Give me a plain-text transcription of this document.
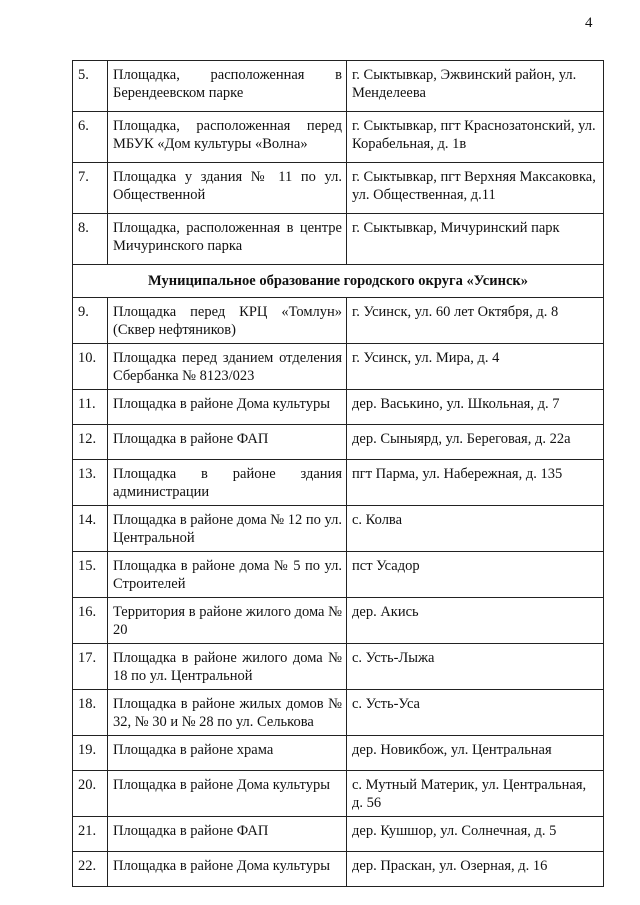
4
5.	Площадка, расположенная в Берендеевском парке	г. Сыктывкар, Эжвинский район, ул. Менделеева
6.	Площадка, расположенная перед МБУК «Дом культуры «Волна»	г. Сыктывкар, пгт Краснозатонский, ул. Корабельная, д. 1в
7.	Площадка у здания № 11 по ул. Общественной	г. Сыктывкар, пгт Верхняя Максаковка, ул. Общественная, д.11
8.	Площадка, расположенная в центре Мичуринского парка	г. Сыктывкар, Мичуринский парк
Муниципальное образование городского округа «Усинск»		
9.	Площадка перед КРЦ «Томлун» (Сквер нефтяников)	г. Усинск, ул. 60 лет Октября, д. 8
10.	Площадка перед зданием отделения Сбербанка № 8123/023	г. Усинск, ул. Мира, д. 4
11.	Площадка в районе Дома культуры	дер. Васькино, ул. Школьная, д. 7
12.	Площадка в районе ФАП	дер. Сыныярд, ул. Береговая, д. 22а
13.	Площадка в районе здания администрации	пгт Парма, ул. Набережная, д. 135
14.	Площадка в районе дома № 12 по ул. Центральной	с. Колва
15.	Площадка в районе дома № 5 по ул. Строителей	пст Усадор
16.	Территория в районе жилого дома № 20	дер. Акись
17.	Площадка в районе жилого дома № 18 по ул. Центральной	с. Усть-Лыжа
18.	Площадка в районе жилых домов № 32, № 30 и № 28 по ул. Селькова	с. Усть-Уса
19.	Площадка в районе храма	дер. Новикбож, ул. Центральная
20.	Площадка в районе Дома культуры	с. Мутный Материк, ул. Центральная, д. 56
21.	Площадка в районе ФАП	дер. Кушшор, ул. Солнечная, д. 5
22.	Площадка в районе Дома культуры	дер. Праскан, ул. Озерная, д. 16
